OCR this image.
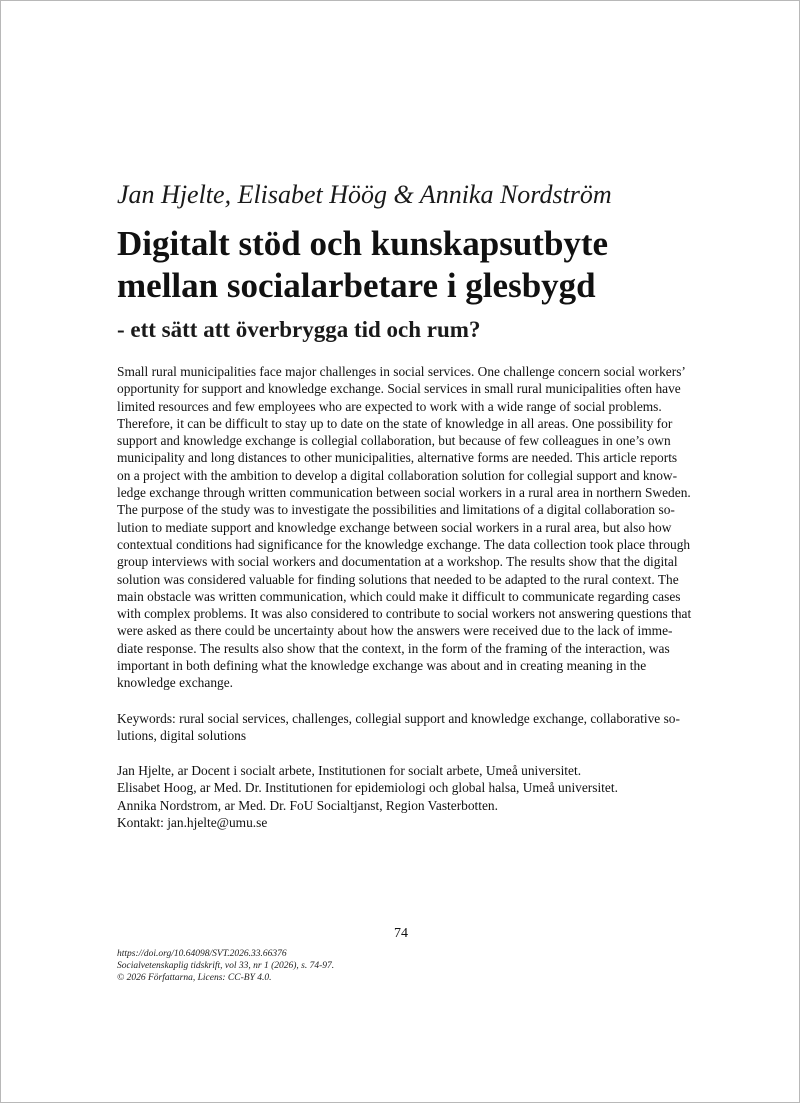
Jan Hjelte, Elisabet Höög & Annika Nordström
Digitalt stöd och kunskapsutbyte
mellan socialarbetare i glesbygd
- ett sätt att överbrygga tid och rum?
Small rural municipalities face major challenges in social services. One challenge concern social workers’
opportunity for support and knowledge exchange. Social services in small rural municipalities often have
limited resources and few employees who are expected to work with a wide range of social problems.
Therefore, it can be difficult to stay up to date on the state of knowledge in all areas. One possibility for
support and knowledge exchange is collegial collaboration, but because of few colleagues in one’s own
municipality and long distances to other municipalities, alternative forms are needed. This article reports
on a project with the ambition to develop a digital collaboration solution for collegial support and know-
ledge exchange through written communication between social workers in a rural area in northern Sweden.
The purpose of the study was to investigate the possibilities and limitations of a digital collaboration so-
lution to mediate support and knowledge exchange between social workers in a rural area, but also how
contextual conditions had significance for the knowledge exchange. The data collection took place through
group interviews with social workers and documentation at a workshop. The results show that the digital
solution was considered valuable for finding solutions that needed to be adapted to the rural context. The
main obstacle was written communication, which could make it difficult to communicate regarding cases
with complex problems. It was also considered to contribute to social workers not answering questions that
were asked as there could be uncertainty about how the answers were received due to the lack of imme-
diate response. The results also show that the context, in the form of the framing of the interaction, was
important in both defining what the knowledge exchange was about and in creating meaning in the
knowledge exchange.
Keywords: rural social services, challenges, collegial support and knowledge exchange, collaborative so-
lutions, digital solutions
Jan Hjelte, ar Docent i socialt arbete, Institutionen for socialt arbete, Umeå universitet.
Elisabet Hoog, ar Med. Dr. Institutionen for epidemiologi och global halsa, Umeå universitet.
Annika Nordstrom, ar Med. Dr. FoU Socialtjanst, Region Vasterbotten.
Kontakt: jan.hjelte@umu.se
74
https://doi.org/10.64098/SVT.2026.33.66376
Socialvetenskaplig tidskrift, vol 33, nr 1 (2026), s. 74-97.
© 2026 Författarna, Licens: CC-BY 4.0.
